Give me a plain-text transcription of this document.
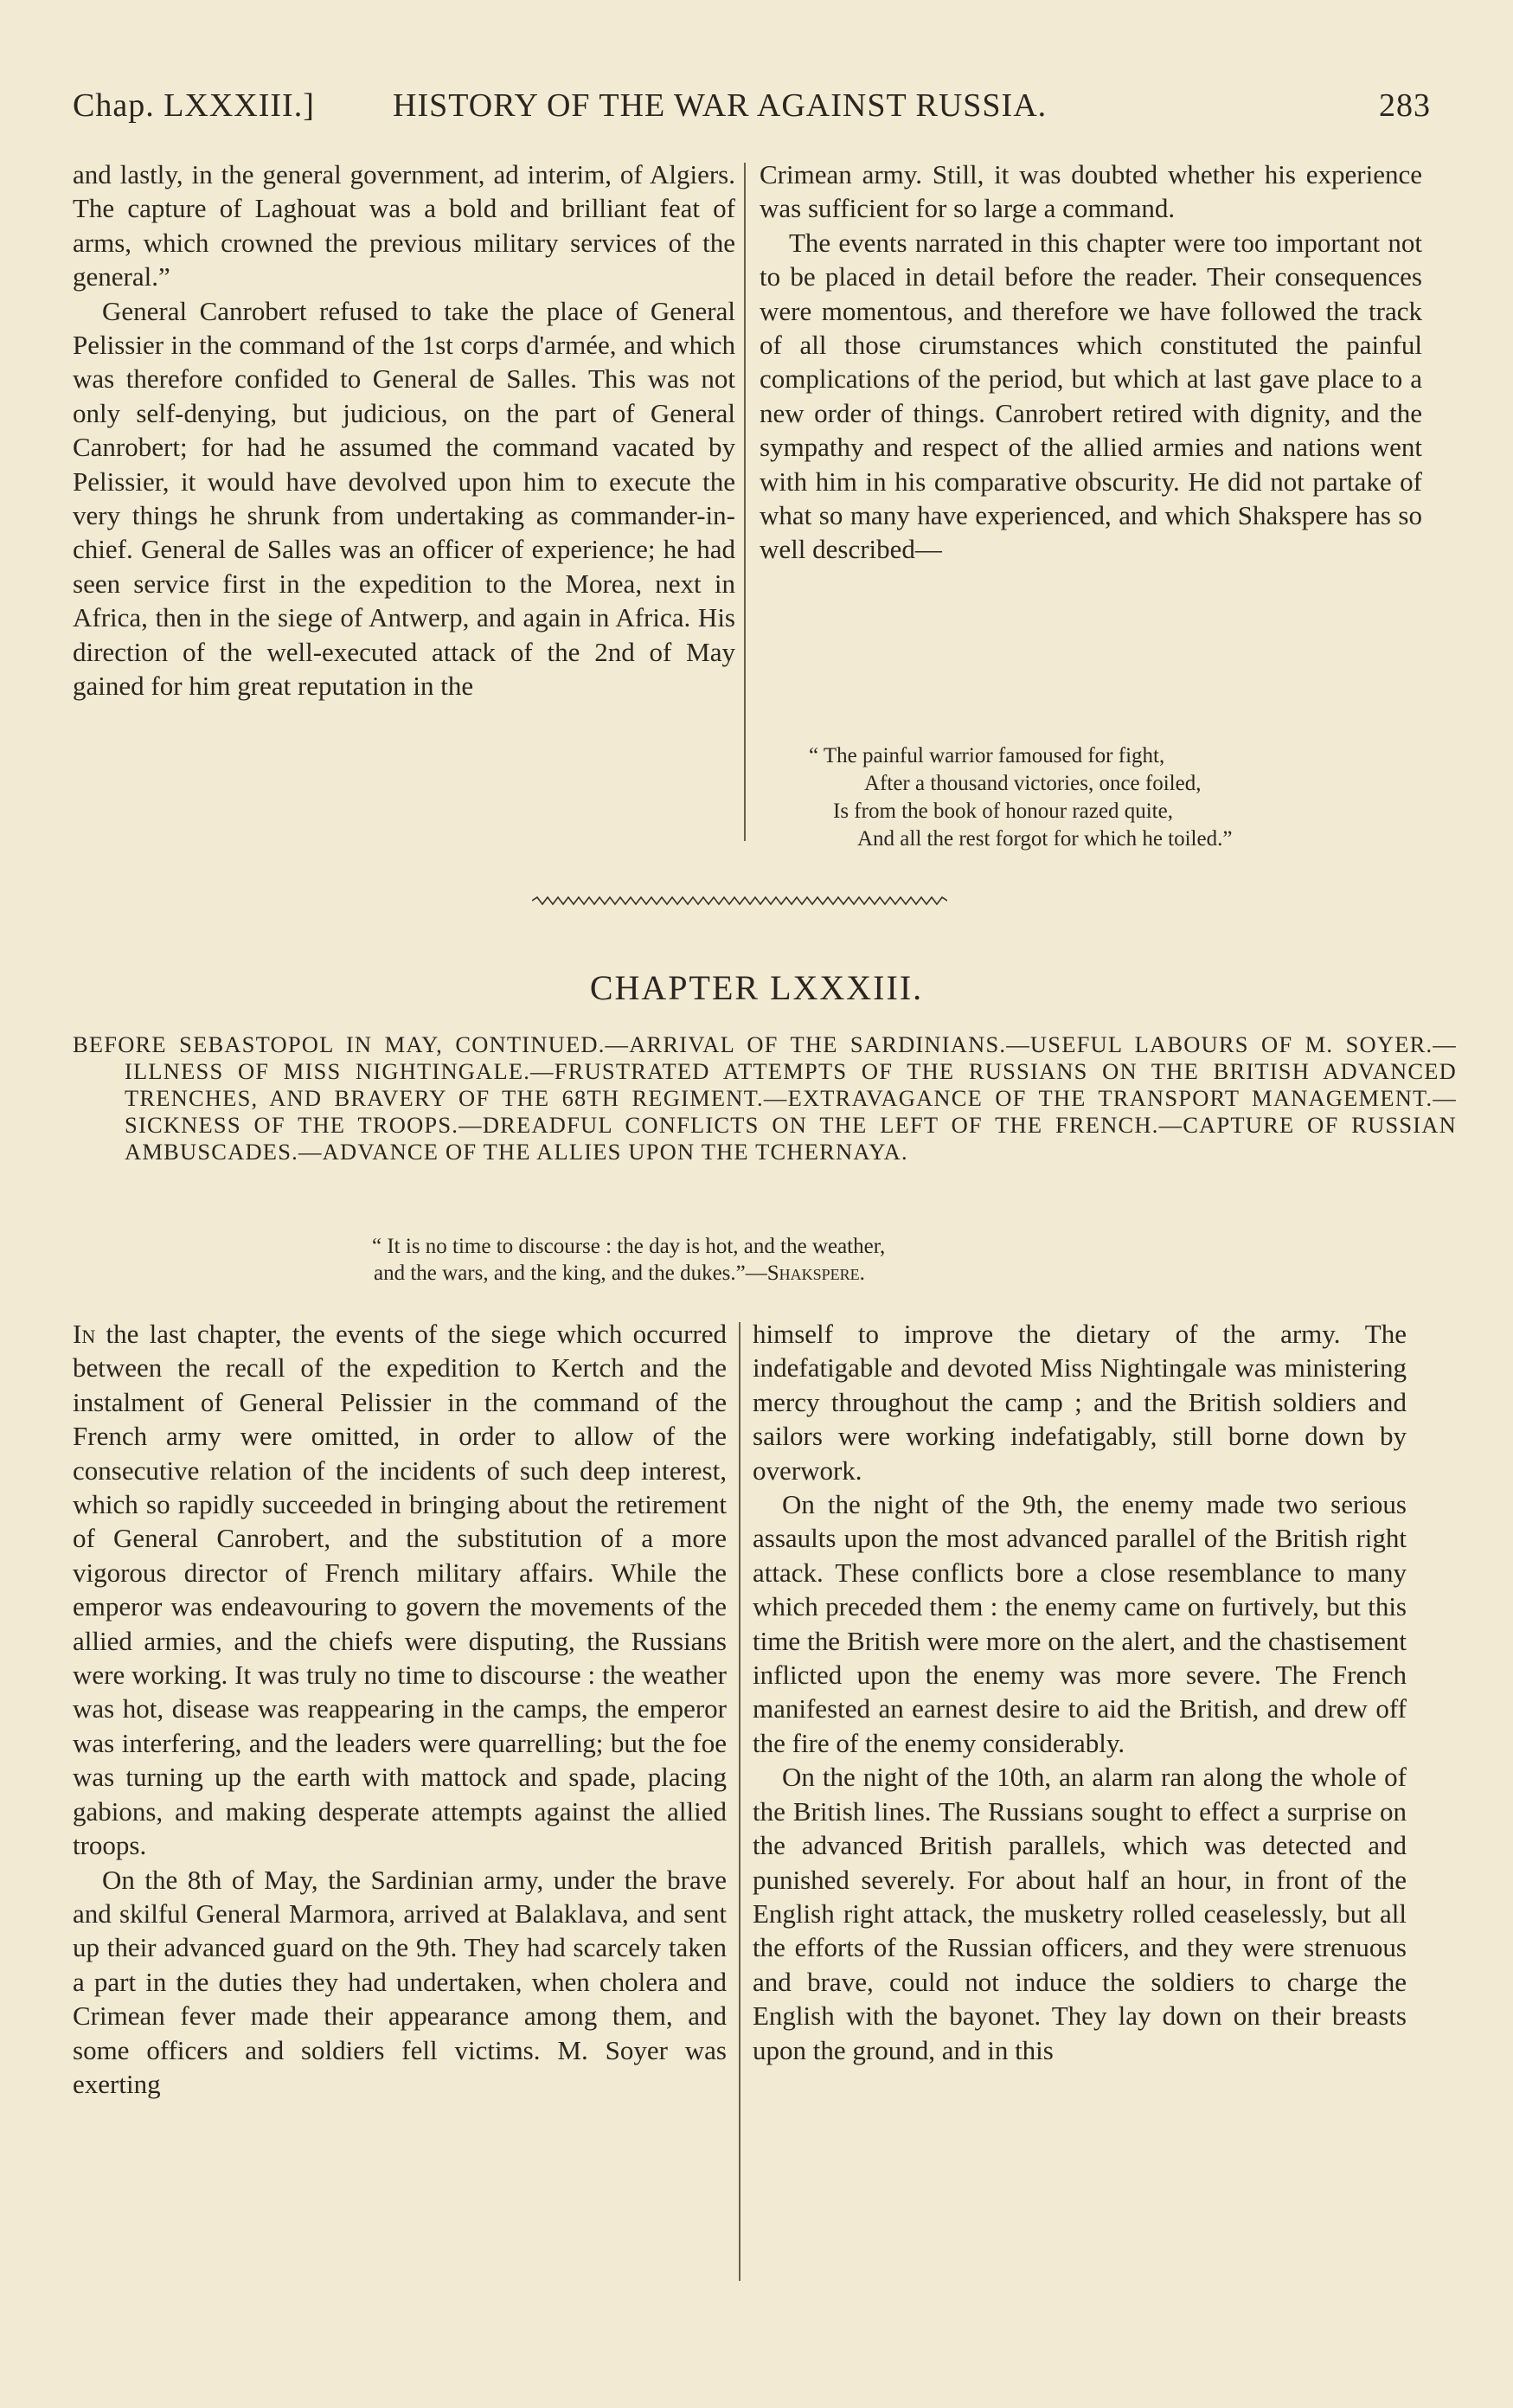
Chap. LXXXIII.] HISTORY OF THE WAR AGAINST RUSSIA.	283

and lastly, in the general government, ad interim, of Algiers. The capture of Laghouat was a bold and brilliant feat of arms, which crowned the previous military services of the general.”

General Canrobert refused to take the place of General Pelissier in the command of the 1st corps d'armée, and which was therefore confided to General de Salles. This was not only self-denying, but judicious, on the part of General Canrobert; for had he assumed the command vacated by Pelissier, it would have devolved upon him to execute the very things he shrunk from undertaking as commander-in-chief. General de Salles was an officer of experience; he had seen service first in the expedition to the Morea, next in Africa, then in the siege of Antwerp, and again in Africa. His direction of the well-executed attack of the 2nd of May gained for him great reputation in the

Crimean army. Still, it was doubted whether his experience was sufficient for so large a command.

The events narrated in this chapter were too important not to be placed in detail before the reader. Their consequences were momentous, and therefore we have followed the track of all those cirumstances which constituted the painful complications of the period, but which at last gave place to a new order of things. Canrobert retired with dignity, and the sympathy and respect of the allied armies and nations went with him in his comparative obscurity. He did not partake of what so many have experienced, and which Shakspere has so well described—

“ The painful warrior famoused for fight,
After a thousand victories, once foiled,
Is from the book of honour razed quite,
And all the rest forgot for which he toiled.”
CHAPTER LXXXIII.
BEFORE SEBASTOPOL IN MAY, CONTINUED.—ARRIVAL OF THE SARDINIANS.—USEFUL LABOURS OF M. SOYER.—ILLNESS OF MISS NIGHTINGALE.—FRUSTRATED ATTEMPTS OF THE RUSSIANS ON THE BRITISH ADVANCED TRENCHES, AND BRAVERY OF THE 68TH REGIMENT.—EXTRAVAGANCE OF THE TRANSPORT MANAGEMENT.—SICKNESS OF THE TROOPS.—DREADFUL CONFLICTS ON THE LEFT OF THE FRENCH.—CAPTURE OF RUSSIAN AMBUSCADES.—ADVANCE OF THE ALLIES UPON THE TCHERNAYA.
“ It is no time to discourse : the day is hot, and the weather,
and the wars, and the king, and the dukes.”—Shakspere.

In the last chapter, the events of the siege which occurred between the recall of the expedition to Kertch and the instalment of General Pelissier in the command of the French army were omitted, in order to allow of the consecutive relation of the incidents of such deep interest, which so rapidly succeeded in bringing about the retirement of General Canrobert, and the substitution of a more vigorous director of French military affairs. While the emperor was endeavouring to govern the movements of the allied armies, and the chiefs were disputing, the Russians were working. It was truly no time to discourse : the weather was hot, disease was reappearing in the camps, the emperor was interfering, and the leaders were quarrelling; but the foe was turning up the earth with mattock and spade, placing gabions, and making desperate attempts against the allied troops.

On the 8th of May, the Sardinian army, under the brave and skilful General Marmora, arrived at Balaklava, and sent up their advanced guard on the 9th. They had scarcely taken a part in the duties they had undertaken, when cholera and Crimean fever made their appearance among them, and some officers and soldiers fell victims. M. Soyer was exerting

himself to improve the dietary of the army. The indefatigable and devoted Miss Nightingale was ministering mercy throughout the camp ; and the British soldiers and sailors were working indefatigably, still borne down by overwork.

On the night of the 9th, the enemy made two serious assaults upon the most advanced parallel of the British right attack. These conflicts bore a close resemblance to many which preceded them : the enemy came on furtively, but this time the British were more on the alert, and the chastisement inflicted upon the enemy was more severe. The French manifested an earnest desire to aid the British, and drew off the fire of the enemy considerably.

On the night of the 10th, an alarm ran along the whole of the British lines. The Russians sought to effect a surprise on the advanced British parallels, which was detected and punished severely. For about half an hour, in front of the English right attack, the musketry rolled ceaselessly, but all the efforts of the Russian officers, and they were strenuous and brave, could not induce the soldiers to charge the English with the bayonet. They lay down on their breasts upon the ground, and in this
